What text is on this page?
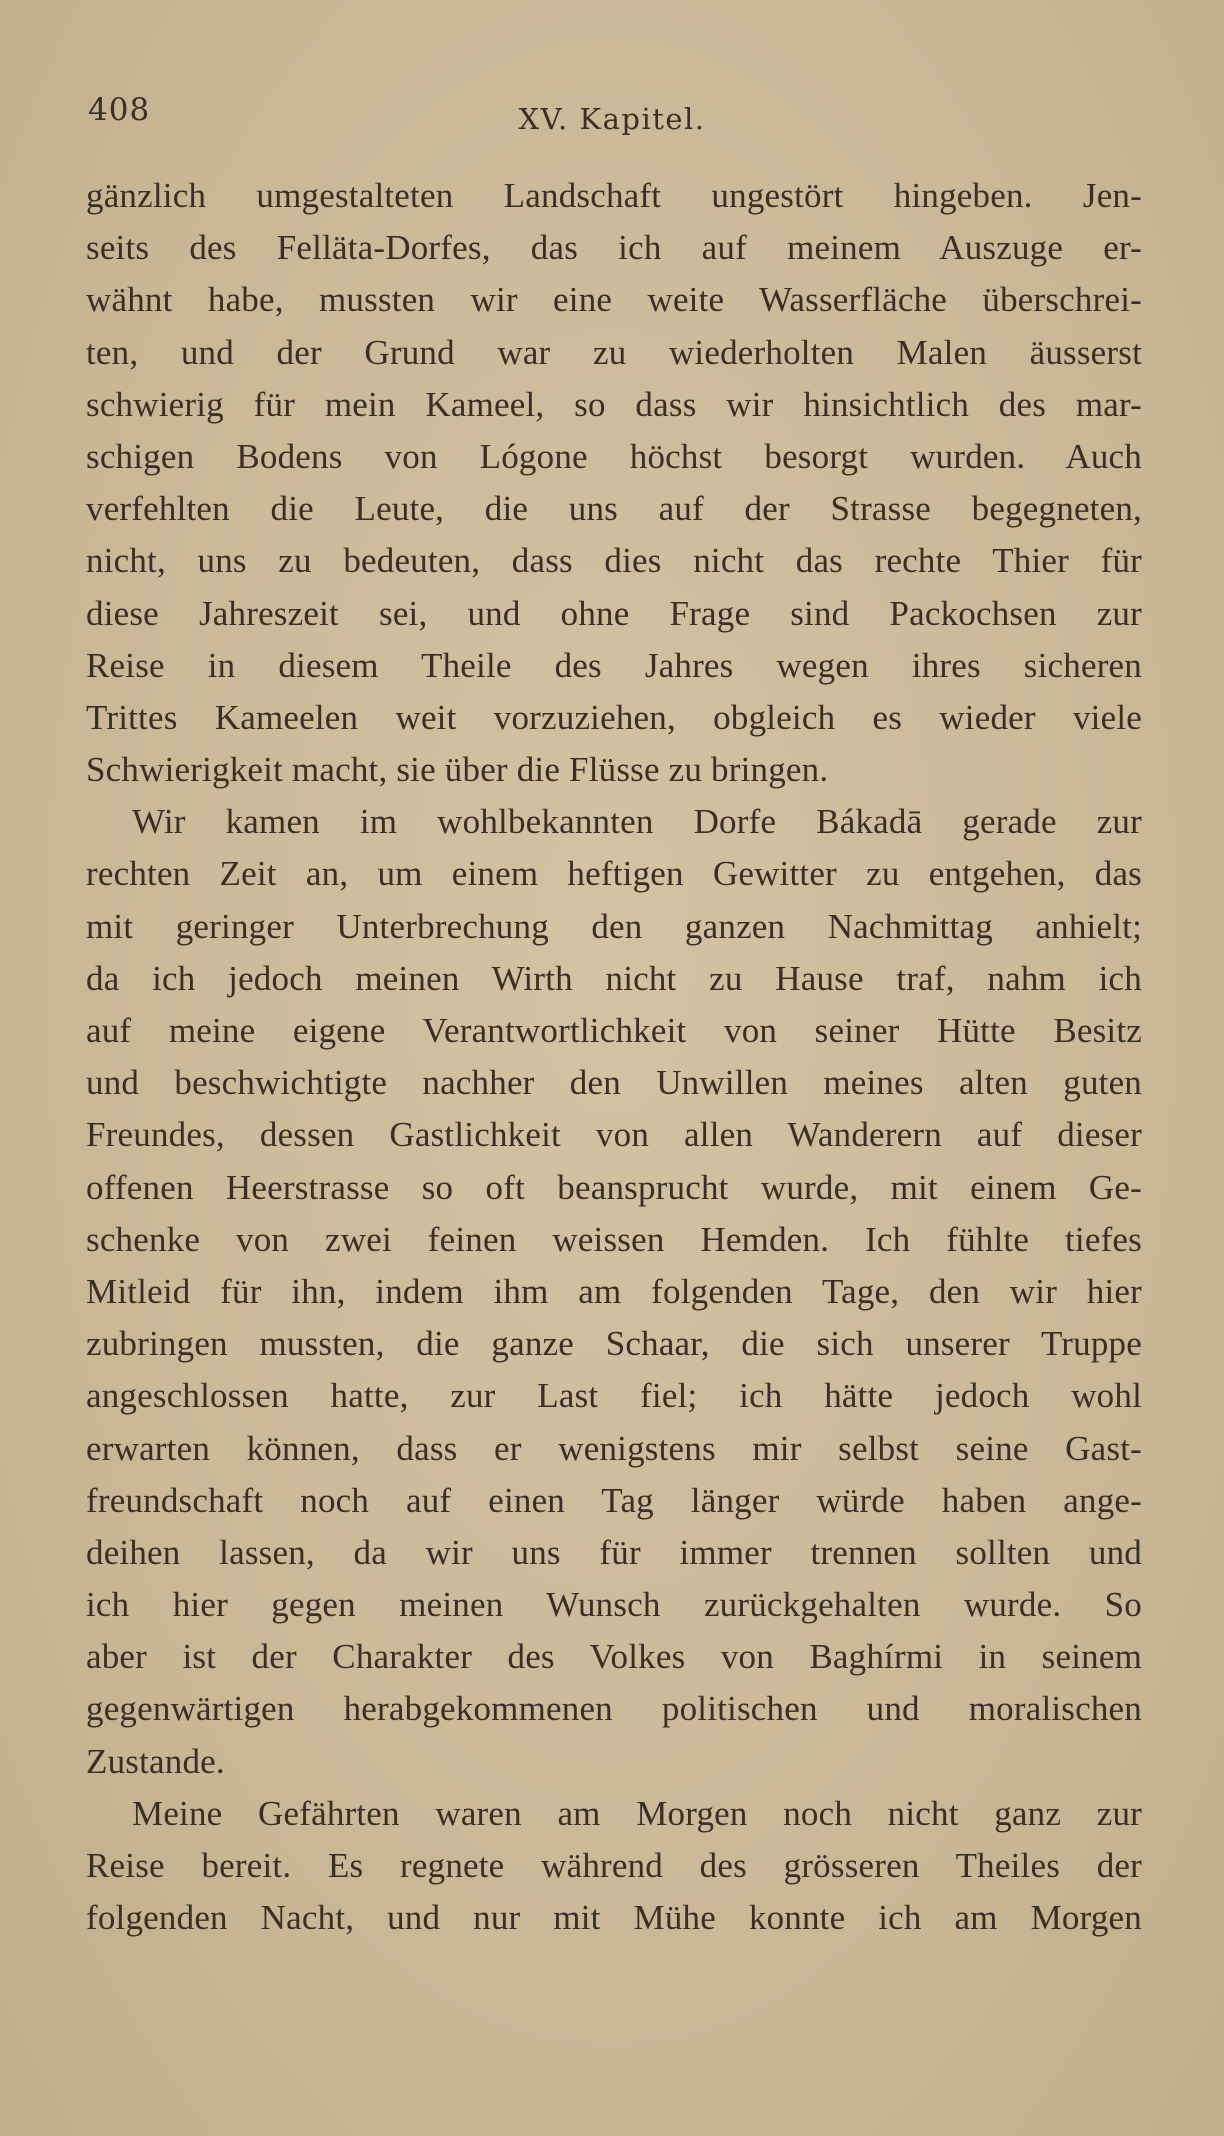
408	XV. Kapitel.
gänzlich umgestalteten Landschaft ungestört hingeben. Jen-
seits des Felläta-Dorfes, das ich auf meinem Auszuge er-
wähnt habe, mussten wir eine weite Wasserfläche überschrei-
ten, und der Grund war zu wiederholten Malen äusserst
schwierig für mein Kameel, so dass wir hinsichtlich des mar-
schigen Bodens von Lógone höchst besorgt wurden. Auch
verfehlten die Leute, die uns auf der Strasse begegneten,
nicht, uns zu bedeuten, dass dies nicht das rechte Thier für
diese Jahreszeit sei, und ohne Frage sind Packochsen zur
Reise in diesem Theile des Jahres wegen ihres sicheren
Trittes Kameelen weit vorzuziehen, obgleich es wieder viele
Schwierigkeit macht, sie über die Flüsse zu bringen.
Wir kamen im wohlbekannten Dorfe Bákadā gerade zur
rechten Zeit an, um einem heftigen Gewitter zu entgehen, das
mit geringer Unterbrechung den ganzen Nachmittag anhielt;
da ich jedoch meinen Wirth nicht zu Hause traf, nahm ich
auf meine eigene Verantwortlichkeit von seiner Hütte Besitz
und beschwichtigte nachher den Unwillen meines alten guten
Freundes, dessen Gastlichkeit von allen Wanderern auf dieser
offenen Heerstrasse so oft beansprucht wurde, mit einem Ge-
schenke von zwei feinen weissen Hemden. Ich fühlte tiefes
Mitleid für ihn, indem ihm am folgenden Tage, den wir hier
zubringen mussten, die ganze Schaar, die sich unserer Truppe
angeschlossen hatte, zur Last fiel; ich hätte jedoch wohl
erwarten können, dass er wenigstens mir selbst seine Gast-
freundschaft noch auf einen Tag länger würde haben ange-
deihen lassen, da wir uns für immer trennen sollten und
ich hier gegen meinen Wunsch zurückgehalten wurde. So
aber ist der Charakter des Volkes von Baghírmi in seinem
gegenwärtigen herabgekommenen politischen und moralischen
Zustande.
Meine Gefährten waren am Morgen noch nicht ganz zur
Reise bereit. Es regnete während des grösseren Theiles der
folgenden Nacht, und nur mit Mühe konnte ich am Morgen
